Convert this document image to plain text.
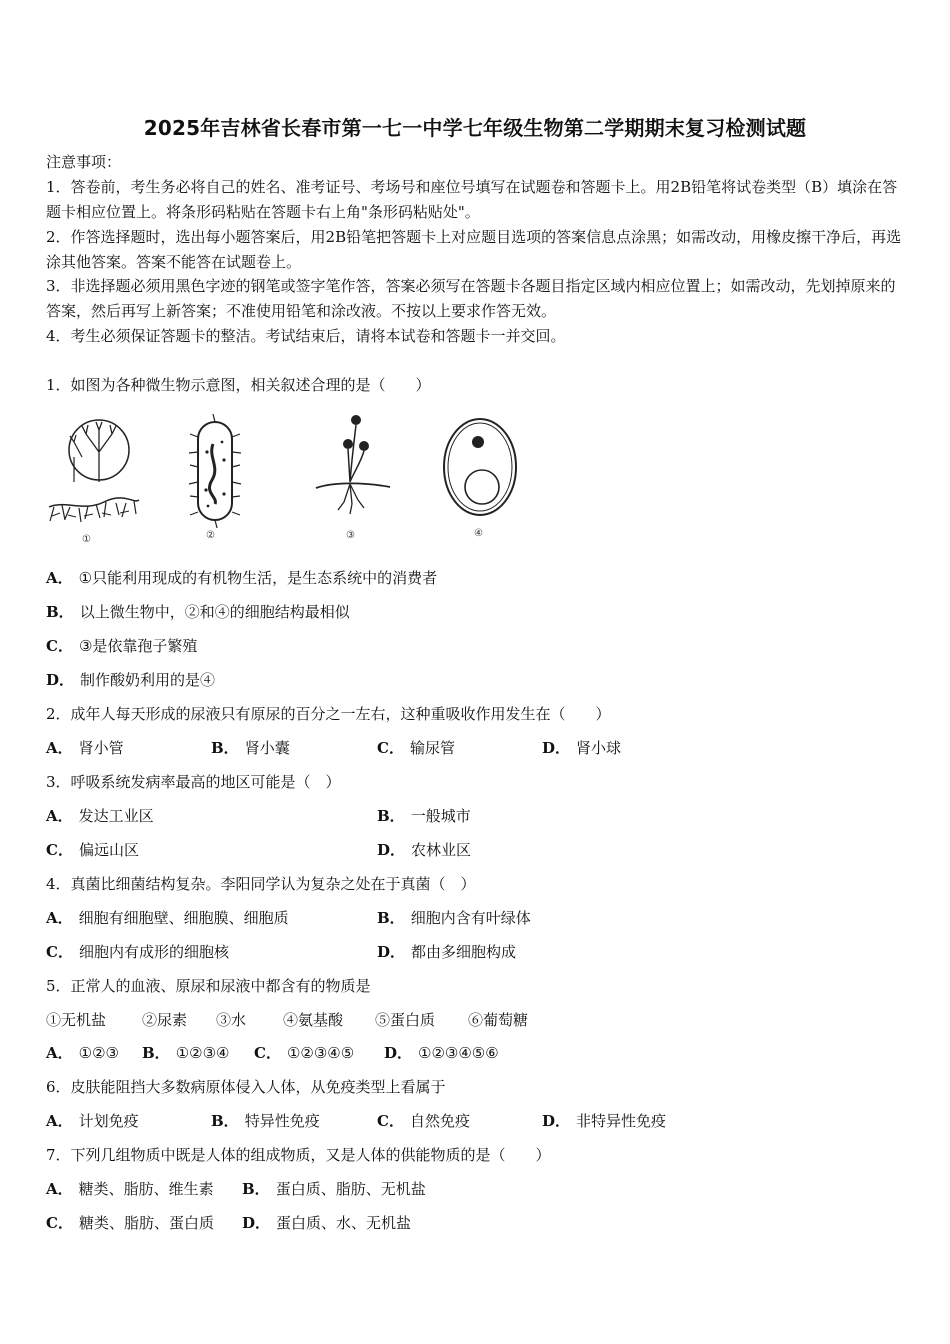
2025年吉林省长春市第一七一中学七年级生物第二学期期末复习检测试题
注意事项：
1．答卷前，考生务必将自己的姓名、准考证号、考场号和座位号填写在试题卷和答题卡上。用2B铅笔将试卷类型（B）填涂在答题卡相应位置上。将条形码粘贴在答题卡右上角"条形码粘贴处"。
2．作答选择题时，选出每小题答案后，用2B铅笔把答题卡上对应题目选项的答案信息点涂黑；如需改动，用橡皮擦干净后，再选涂其他答案。答案不能答在试题卷上。
3．非选择题必须用黑色字迹的钢笔或签字笔作答，答案必须写在答题卡各题目指定区域内相应位置上；如需改动，先划掉原来的答案，然后再写上新答案；不准使用铅笔和涂改液。不按以上要求作答无效。
4．考生必须保证答题卡的整洁。考试结束后，请将本试卷和答题卡一并交回。
1．如图为各种微生物示意图，相关叙述合理的是（　　）
①	②	③	④
A． ①只能利用现成的有机物生活，是生态系统中的消费者
B． 以上微生物中，②和④的细胞结构最相似
C． ③是依靠孢子繁殖
D． 制作酸奶利用的是④
2．成年人每天形成的尿液只有原尿的百分之一左右，这种重吸收作用发生在（　　）
A． 肾小管	B． 肾小囊	C． 输尿管	D． 肾小球
3．呼吸系统发病率最高的地区可能是（　）
A． 发达工业区	B． 一般城市
C． 偏远山区	D． 农林业区
4．真菌比细菌结构复杂。李阳同学认为复杂之处在于真菌（　）
A． 细胞有细胞壁、细胞膜、细胞质	B． 细胞内含有叶绿体
C． 细胞内有成形的细胞核	D． 都由多细胞构成
5．正常人的血液、原尿和尿液中都含有的物质是
①无机盐 ②尿素 ③水 ④氨基酸 ⑤蛋白质 ⑥葡萄糖
A． ①②③ B． ①②③④ C． ①②③④⑤ D． ①②③④⑤⑥
6．皮肤能阻挡大多数病原体侵入人体，从免疫类型上看属于
A． 计划免疫	B． 特异性免疫	C． 自然免疫	D． 非特异性免疫
7．下列几组物质中既是人体的组成物质，又是人体的供能物质的是（　　）
A． 糖类、脂肪、维生素 B． 蛋白质、脂肪、无机盐
C． 糖类、脂肪、蛋白质 D． 蛋白质、水、无机盐
